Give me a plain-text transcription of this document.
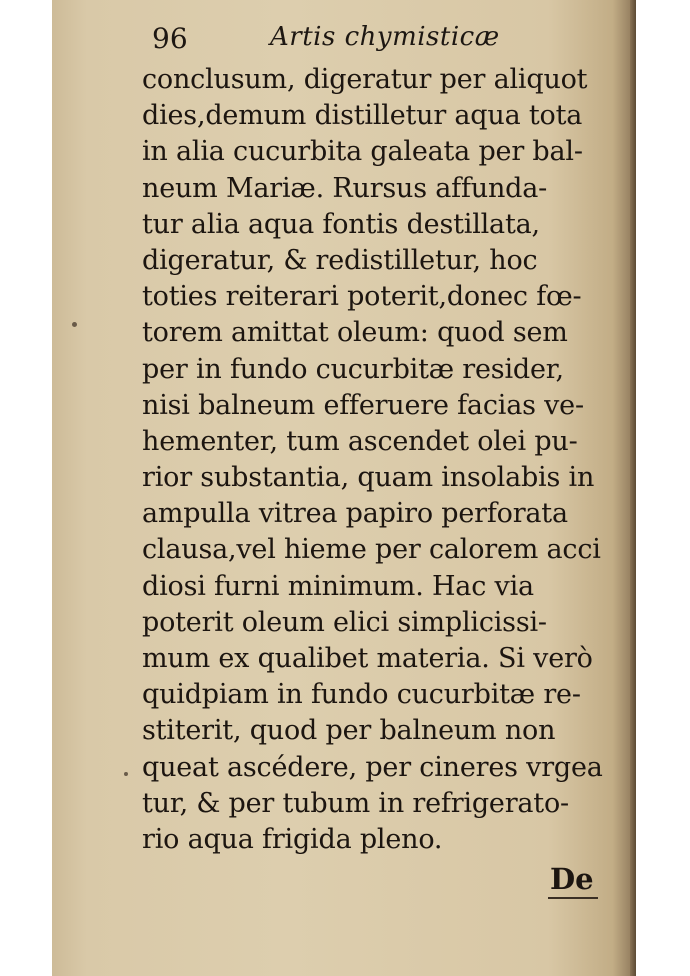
96	Artis chymisticæ
conclusum, digeratur per aliquot
dies,demum distilletur aqua tota
in alia cucurbita galeata per bal-
neum Mariæ. Rursus affunda-
tur alia aqua fontis destillata,
digeratur, & redistilletur, hoc
toties reiterari poterit,donec fœ-
torem amittat oleum: quod sem
per in fundo cucurbitæ resider,
nisi balneum efferuere facias ve-
hementer, tum ascendet olei pu-
rior substantia, quam insolabis in
ampulla vitrea papiro perforata
clausa,vel hieme per calorem acci
diosi furni minimum. Hac via
poterit oleum elici simplicissi-
mum ex qualibet materia. Si verò
quidpiam in fundo cucurbitæ re-
stiterit, quod per balneum non
queat ascédere, per cineres vrgea
tur, & per tubum in refrigerato-
rio aqua frigida pleno.
De
